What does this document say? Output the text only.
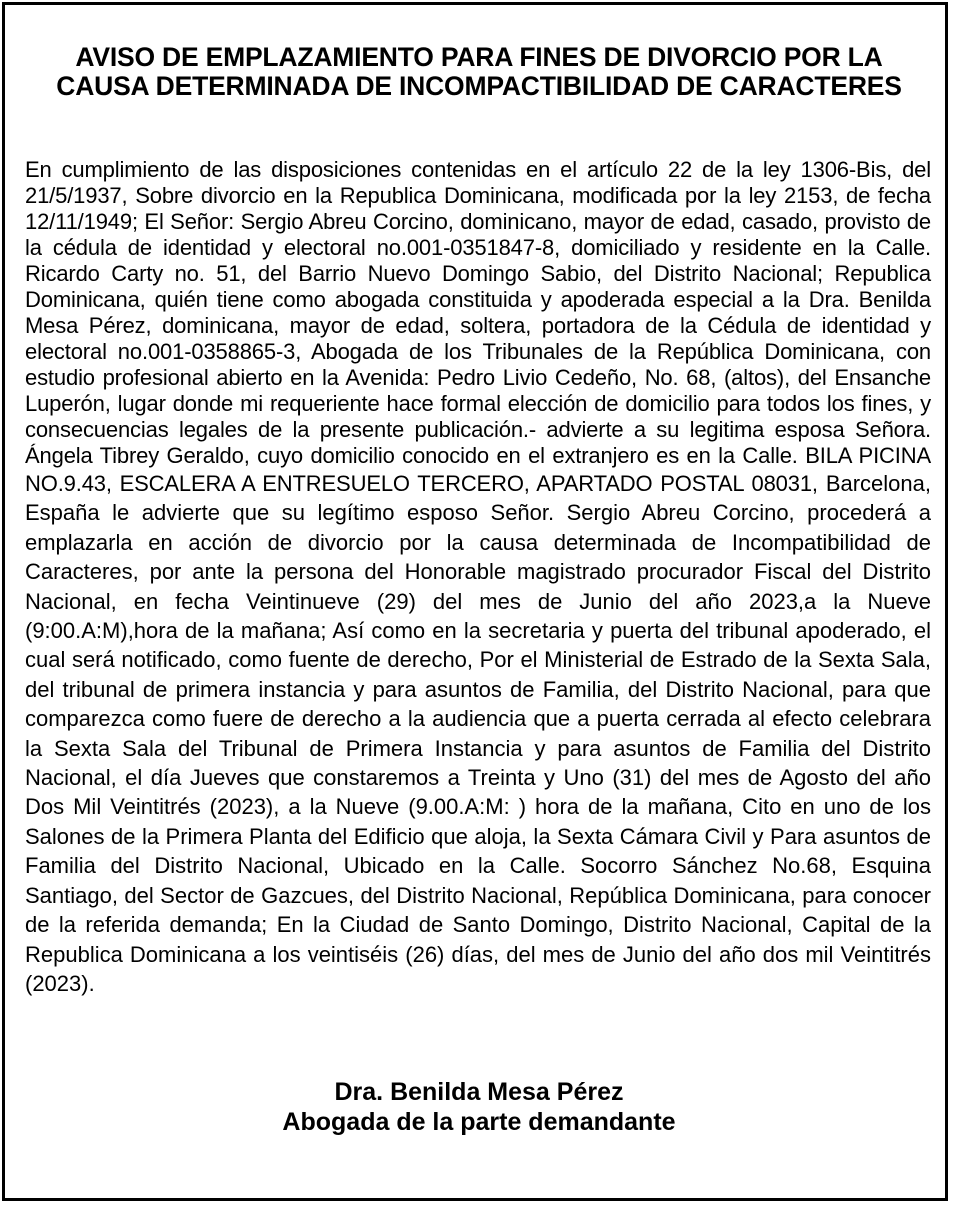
AVISO DE EMPLAZAMIENTO PARA FINES DE DIVORCIO POR LA CAUSA DETERMINADA DE INCOMPACTIBILIDAD DE CARACTERES

En cumplimiento de las disposiciones contenidas en el artículo 22 de la ley 1306-Bis, del 21/5/1937, Sobre divorcio en la Republica Dominicana, modificada por la ley 2153, de fecha 12/11/1949; El Señor: Sergio Abreu Corcino, dominicano, mayor de edad, casado, provisto de la cédula de identidad y electoral no.001-0351847-8, domiciliado y residente en la Calle. Ricardo Carty no. 51, del Barrio Nuevo Domingo Sabio, del Distrito Nacional; Republica Dominicana, quién tiene como abogada constituida y apoderada especial a la Dra. Benilda Mesa Pérez, dominicana, mayor de edad, soltera, portadora de la Cédula de identidad y electoral no.001-0358865-3, Abogada de los Tribunales de la República Dominicana, con estudio profesional abierto en la Avenida: Pedro Livio Cedeño, No. 68, (altos), del Ensanche Luperón, lugar donde mi requeriente hace formal elección de domicilio para todos los fines, y consecuencias legales de la presente publicación.- advierte a su legitima esposa Señora. Ángela Tibrey Geraldo, cuyo domicilio conocido en el extranjero es en la Calle. BILA PICINA NO.9.43, ESCALERA A ENTRESUELO TERCERO, APARTADO POSTAL 08031, Barcelona, España le advierte que su legítimo esposo Señor. Sergio Abreu Corcino, procederá a emplazarla en acción de divorcio por la causa determinada de Incompatibilidad de Caracteres, por ante la persona del Honorable magistrado procurador Fiscal del Distrito Nacional, en fecha Veintinueve (29) del mes de Junio del año 2023,a la Nueve (9:00.A:M),hora de la mañana; Así como en la secretaria y puerta del tribunal apoderado, el cual será notificado, como fuente de derecho, Por el Ministerial de Estrado de la Sexta Sala, del tribunal de primera instancia y para asuntos de Familia, del Distrito Nacional, para que comparezca como fuere de derecho a la audiencia que a puerta cerrada al efecto celebrara la Sexta Sala del Tribunal de Primera Instancia y para asuntos de Familia del Distrito Nacional, el día Jueves que constaremos a Treinta y Uno (31) del mes de Agosto del año Dos Mil Veintitrés (2023), a la Nueve (9.00.A:M: ) hora de la mañana, Cito en uno de los Salones de la Primera Planta del Edificio que aloja, la Sexta Cámara Civil y Para asuntos de Familia del Distrito Nacional, Ubicado en la Calle. Socorro Sánchez No.68, Esquina Santiago, del Sector de Gazcues, del Distrito Nacional, República Dominicana, para conocer de la referida demanda; En la Ciudad de Santo Domingo, Distrito Nacional, Capital de la Republica Dominicana a los veintiséis (26) días, del mes de Junio del año dos mil Veintitrés (2023).

Dra. Benilda Mesa Pérez
Abogada de la parte demandante
